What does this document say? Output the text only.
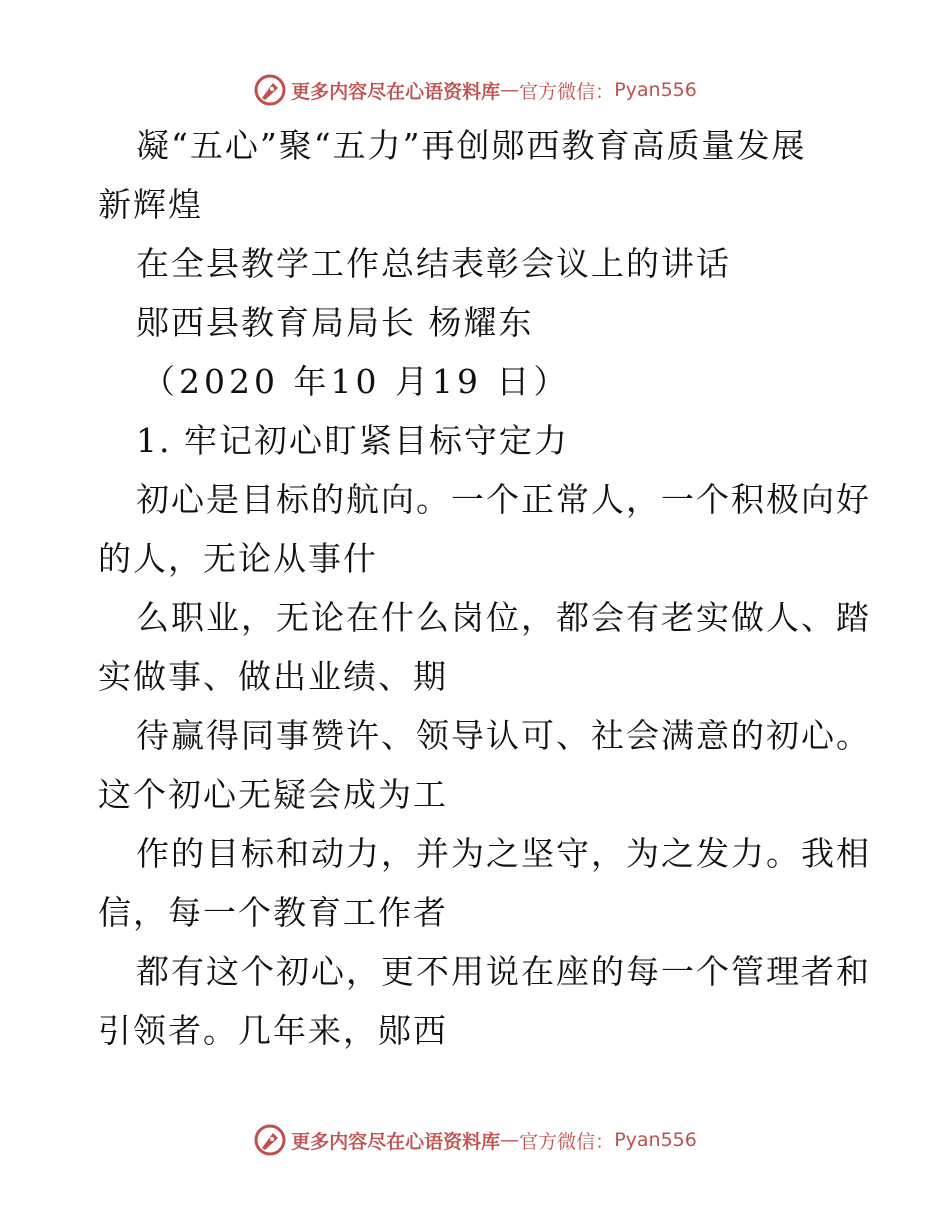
更多内容尽在心语资料库 — 官方微信： Pyan556
凝“五心”聚“五力”再创郧西教育高质量发展
新辉煌
在全县教学工作总结表彰会议上的讲话
郧西县教育局局长 杨耀东
（2020 年10 月19 日）
1. 牢记初心盯紧目标守定力
初心是目标的航向。一个正常人，一个积极向好
的人，无论从事什
么职业，无论在什么岗位，都会有老实做人、踏
实做事、做出业绩、期
待赢得同事赞许、领导认可、社会满意的初心。
这个初心无疑会成为工
作的目标和动力，并为之坚守，为之发力。我相
信，每一个教育工作者
都有这个初心，更不用说在座的每一个管理者和
引领者。几年来，郧西
更多内容尽在心语资料库 — 官方微信： Pyan556
